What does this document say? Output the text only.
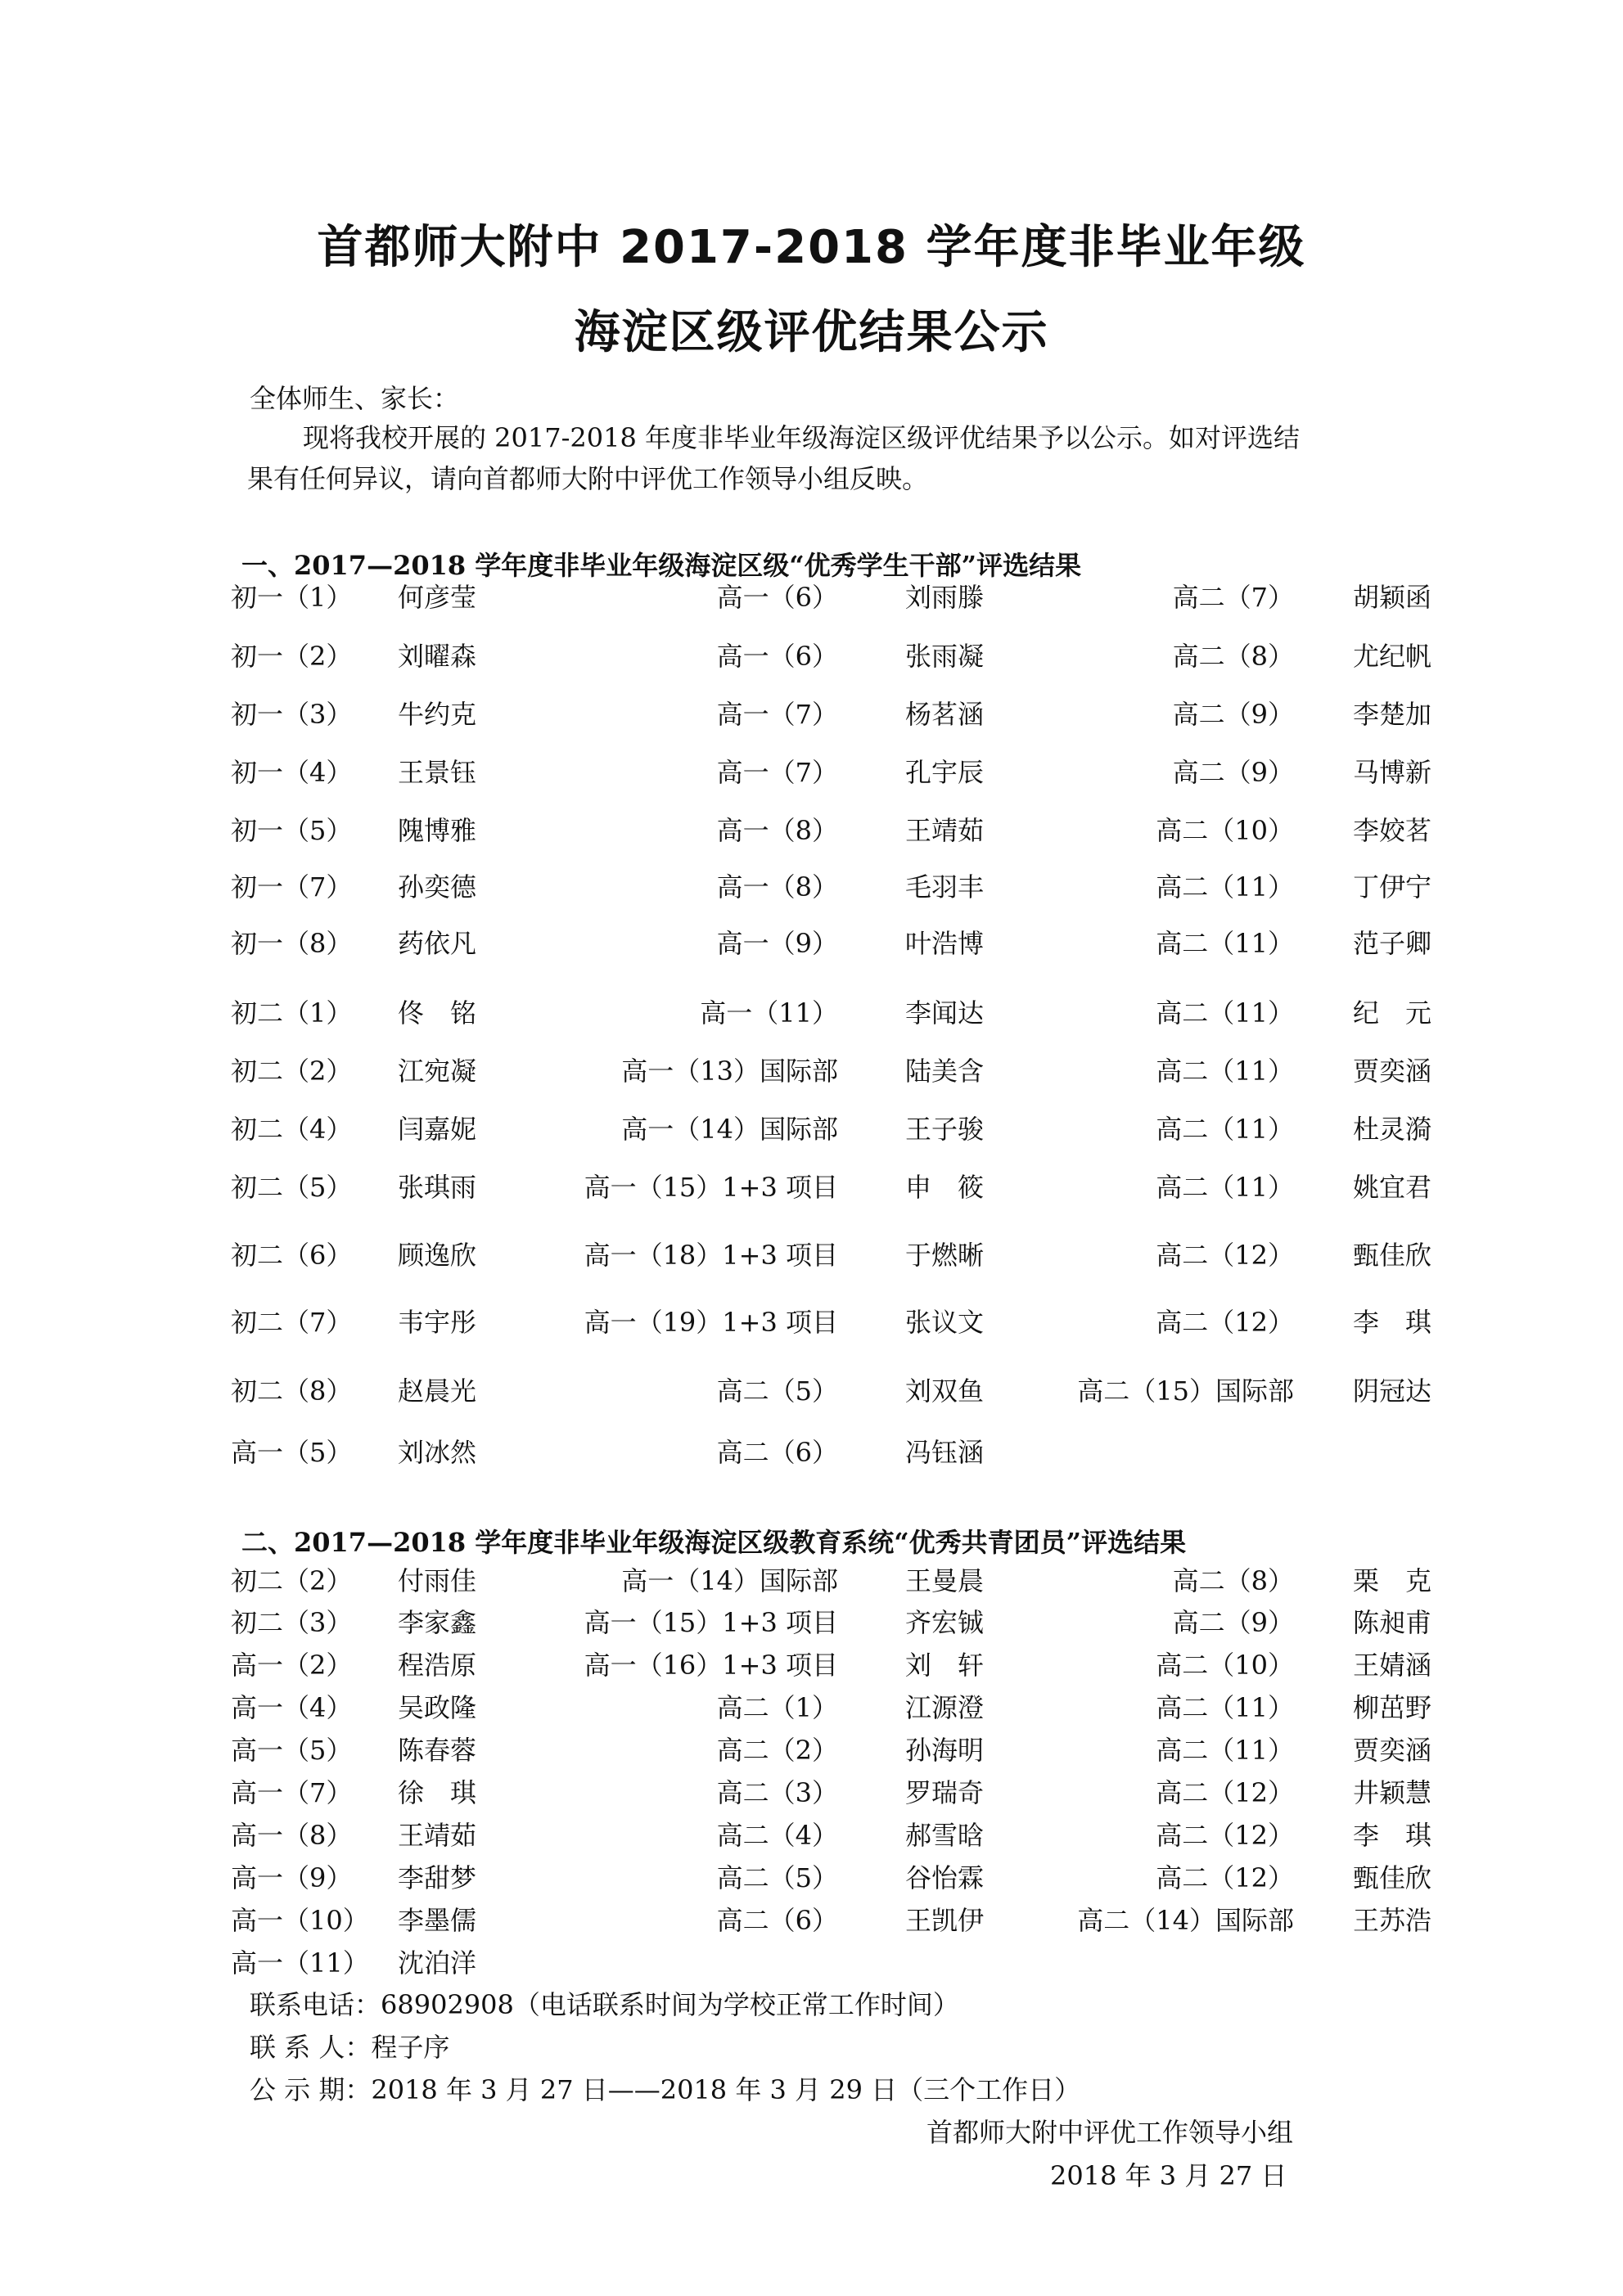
首都师大附中 2017-2018 学年度非毕业年级
海淀区级评优结果公示
全体师生、家长：
现将我校开展的 2017-2018 年度非毕业年级海淀区级评优结果予以公示。如对评选结
果有任何异议，请向首都师大附中评优工作领导小组反映。
一、2017—2018 学年度非毕业年级海淀区级“优秀学生干部”评选结果
初一（1） 何彦莹	高一（6）	刘雨滕	高二（7） 胡颖函
初一（2） 刘曜森	高一（6）	张雨凝	高二（8） 尤纪帆
初一（3） 牛约克	高一（7）	杨茗涵	高二（9） 李楚加
初一（4） 王景钰	高一（7）	孔宇辰	高二（9） 马博新
初一（5） 隗博雅	高一（8）	王靖茹	高二（10） 李姣茗
初一（7） 孙奕德	高一（8）	毛羽丰	高二（11） 丁伊宁
初一（8） 药依凡	高一（9）	叶浩博	高二（11） 范子卿
初二（1） 佟　铭	高一（11）	李闻达	高二（11） 纪　元
初二（2） 江宛凝	高一（13）国际部	陆美含	高二（11） 贾奕涵
初二（4） 闫嘉妮	高一（14）国际部	王子骏	高二（11） 杜灵漪
初二（5） 张琪雨	高一（15）1+3 项目	申　筱	高二（11） 姚宜君
初二（6） 顾逸欣	高一（18）1+3 项目	于燃晰	高二（12） 甄佳欣
初二（7） 韦宇彤	高一（19）1+3 项目	张议文	高二（12） 李　琪
初二（8） 赵晨光	高二（5）	刘双鱼	高二（15）国际部 阴冠达
高一（5） 刘冰然	高二（6）	冯钰涵
二、2017—2018 学年度非毕业年级海淀区级教育系统“优秀共青团员”评选结果
初二（2） 付雨佳	高一（14）国际部	王曼晨	高二（8） 栗　克
初二（3） 李家鑫	高一（15）1+3 项目	齐宏铖	高二（9） 陈昶甫
高一（2） 程浩原	高一（16）1+3 项目	刘　轩	高二（10） 王婧涵
高一（4） 吴政隆	高二（1）	江源澄	高二（11） 柳茁野
高一（5） 陈春蓉	高二（2）	孙海明	高二（11） 贾奕涵
高一（7） 徐　琪	高二（3）	罗瑞奇	高二（12） 井颖慧
高一（8） 王靖茹	高二（4）	郝雪晗	高二（12） 李　琪
高一（9） 李甜梦	高二（5）	谷怡霖	高二（12） 甄佳欣
高一（10） 李墨儒	高二（6）	王凯伊	高二（14）国际部 王苏浩
高一（11） 沈泊洋
联系电话：68902908（电话联系时间为学校正常工作时间）
联 系 人：程子序
公 示 期：2018 年 3 月 27 日——2018 年 3 月 29 日（三个工作日）
首都师大附中评优工作领导小组
2018 年 3 月 27 日
